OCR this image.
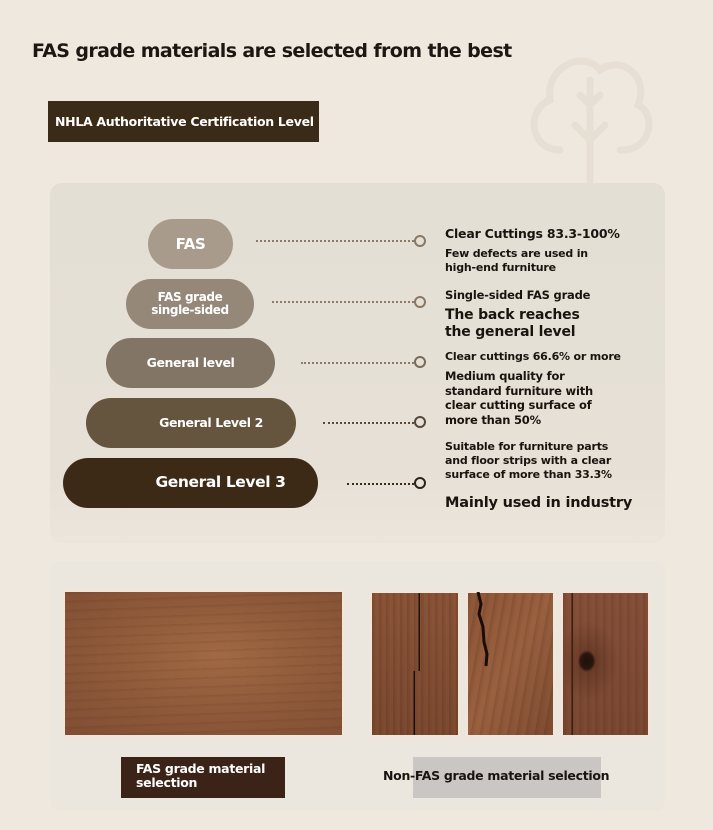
FAS grade materials are selected from the best
NHLA Authoritative Certification Level
FAS
FAS grade
single-sided
General level
General Level 2
General Level 3
Clear Cuttings 83.3-100%
Few defects are used in
high-end furniture
Single-sided FAS grade
The back reaches
the general level
Clear cuttings 66.6% or more
Medium quality for
standard furniture with
clear cutting surface of
more than 50%
Suitable for furniture parts
and floor strips with a clear
surface of more than 33.3%
Mainly used in industry
FAS grade material
selection	Non-FAS grade material selection
